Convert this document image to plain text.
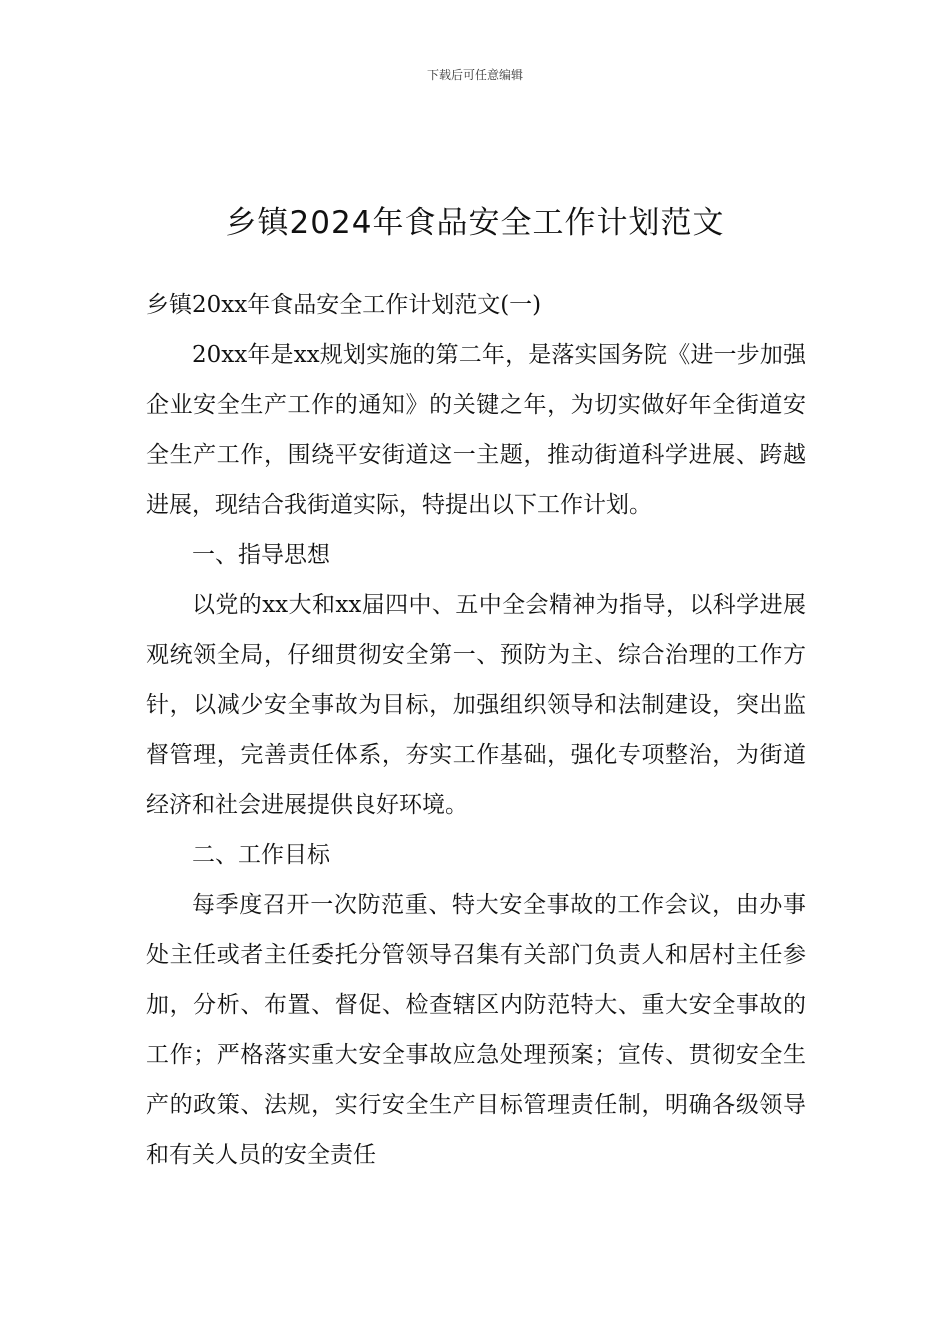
下载后可任意编辑
乡镇2024年食品安全工作计划范文

乡镇20xx年食品安全工作计划范文(一)

20xx年是xx规划实施的第二年，是落实国务院《进一步加强企业安全生产工作的通知》的关键之年，为切实做好年全街道安全生产工作，围绕平安街道这一主题，推动街道科学进展、跨越进展，现结合我街道实际，特提出以下工作计划。

一、指导思想

以党的xx大和xx届四中、五中全会精神为指导，以科学进展观统领全局，仔细贯彻安全第一、预防为主、综合治理的工作方针，以减少安全事故为目标，加强组织领导和法制建设，突出监督管理，完善责任体系，夯实工作基础，强化专项整治，为街道经济和社会进展提供良好环境。

二、工作目标

每季度召开一次防范重、特大安全事故的工作会议，由办事处主任或者主任委托分管领导召集有关部门负责人和居村主任参加，分析、布置、督促、检查辖区内防范特大、重大安全事故的工作；严格落实重大安全事故应急处理预案；宣传、贯彻安全生产的政策、法规，实行安全生产目标管理责任制，明确各级领导和有关人员的安全责任
